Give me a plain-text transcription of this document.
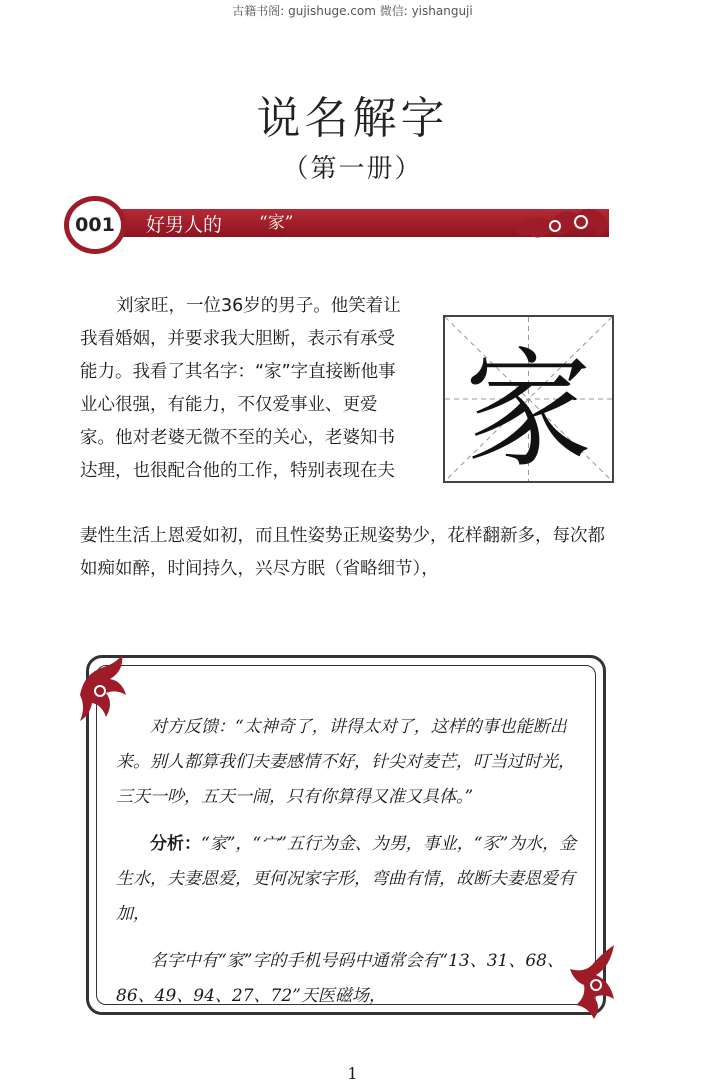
古籍书阁: gujishuge.com 微信: yishanguji
说名解字
（第一册）
001 好男人的 “家”

刘家旺，一位36岁的男子。他笑着让我看婚姻，并要求我大胆断，表示有承受能力。我看了其名字：“家”字直接断他事业心很强，有能力，不仅爱事业、更爱家。他对老婆无微不至的关心，老婆知书达理，也很配合他的工作，特别表现在夫 家

妻性生活上恩爱如初，而且性姿势正规姿势少，花样翻新多，每次都如痴如醉，时间持久，兴尽方眠（省略细节），

对方反馈：“太神奇了，讲得太对了，这样的事也能断出来。别人都算我们夫妻感情不好，针尖对麦芒，叮当过时光，三天一吵，五天一闹，只有你算得又准又具体。”

分析：“家”，“宀”五行为金、为男，事业，“豕”为水，金生水，夫妻恩爱，更何况家字形，弯曲有情，故断夫妻恩爱有加，

名字中有“家”字的手机号码中通常会有“13、31、68、86、49、94、27、72”天医磁场，

1
